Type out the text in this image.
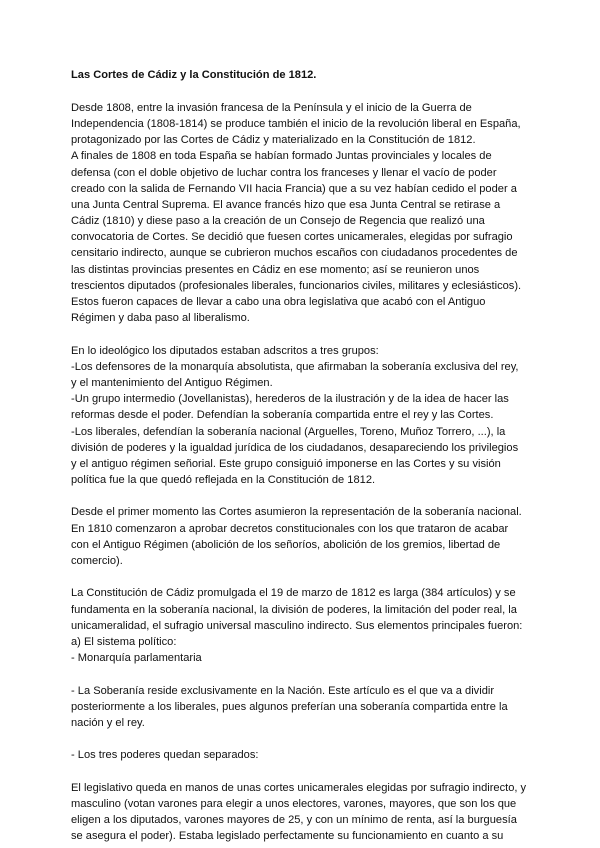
Las Cortes de Cádiz y la Constitución de 1812.
Desde 1808, entre la invasión francesa de la Península y el inicio de la Guerra de
Independencia (1808-1814) se produce también el inicio de la revolución liberal en España,
protagonizado por las Cortes de Cádiz y materializado en la Constitución de 1812.
A finales de 1808 en toda España se habían formado Juntas provinciales y locales de
defensa (con el doble objetivo de luchar contra los franceses y llenar el vacío de poder
creado con la salida de Fernando VII hacia Francia) que a su vez habían cedido el poder a
una Junta Central Suprema. El avance francés hizo que esa Junta Central se retirase a
Cádiz (1810) y diese paso a la creación de un Consejo de Regencia que realizó una
convocatoria de Cortes. Se decidió que fuesen cortes unicamerales, elegidas por sufragio
censitario indirecto, aunque se cubrieron muchos escaños con ciudadanos procedentes de
las distintas provincias presentes en Cádiz en ese momento; así se reunieron unos
trescientos diputados (profesionales liberales, funcionarios civiles, militares y eclesiásticos).
Estos fueron capaces de llevar a cabo una obra legislativa que acabó con el Antiguo
Régimen y daba paso al liberalismo.
En lo ideológico los diputados estaban adscritos a tres grupos:
-Los defensores de la monarquía absolutista, que afirmaban la soberanía exclusiva del rey,
y el mantenimiento del Antiguo Régimen.
-Un grupo intermedio (Jovellanistas), herederos de la ilustración y de la idea de hacer las
reformas desde el poder. Defendían la soberanía compartida entre el rey y las Cortes.
-Los liberales, defendían la soberanía nacional (Arguelles, Toreno, Muñoz Torrero, ...), la
división de poderes y la igualdad jurídica de los ciudadanos, desapareciendo los privilegios
y el antiguo régimen señorial. Este grupo consiguió imponerse en las Cortes y su visión
política fue la que quedó reflejada en la Constitución de 1812.
Desde el primer momento las Cortes asumieron la representación de la soberanía nacional.
En 1810 comenzaron a aprobar decretos constitucionales con los que trataron de acabar
con el Antiguo Régimen (abolición de los señoríos, abolición de los gremios, libertad de
comercio).
La Constitución de Cádiz promulgada el 19 de marzo de 1812 es larga (384 artículos) y se
fundamenta en la soberanía nacional, la división de poderes, la limitación del poder real, la
unicameralidad, el sufragio universal masculino indirecto. Sus elementos principales fueron:
a) El sistema político:
- Monarquía parlamentaria
- La Soberanía reside exclusivamente en la Nación. Este artículo es el que va a dividir
posteriormente a los liberales, pues algunos preferían una soberanía compartida entre la
nación y el rey.
- Los tres poderes quedan separados:
El legislativo queda en manos de unas cortes unicamerales elegidas por sufragio indirecto, y
masculino (votan varones para elegir a unos electores, varones, mayores, que son los que
eligen a los diputados, varones mayores de 25, y con un mínimo de renta, así la burguesía
se asegura el poder). Estaba legislado perfectamente su funcionamiento en cuanto a su
